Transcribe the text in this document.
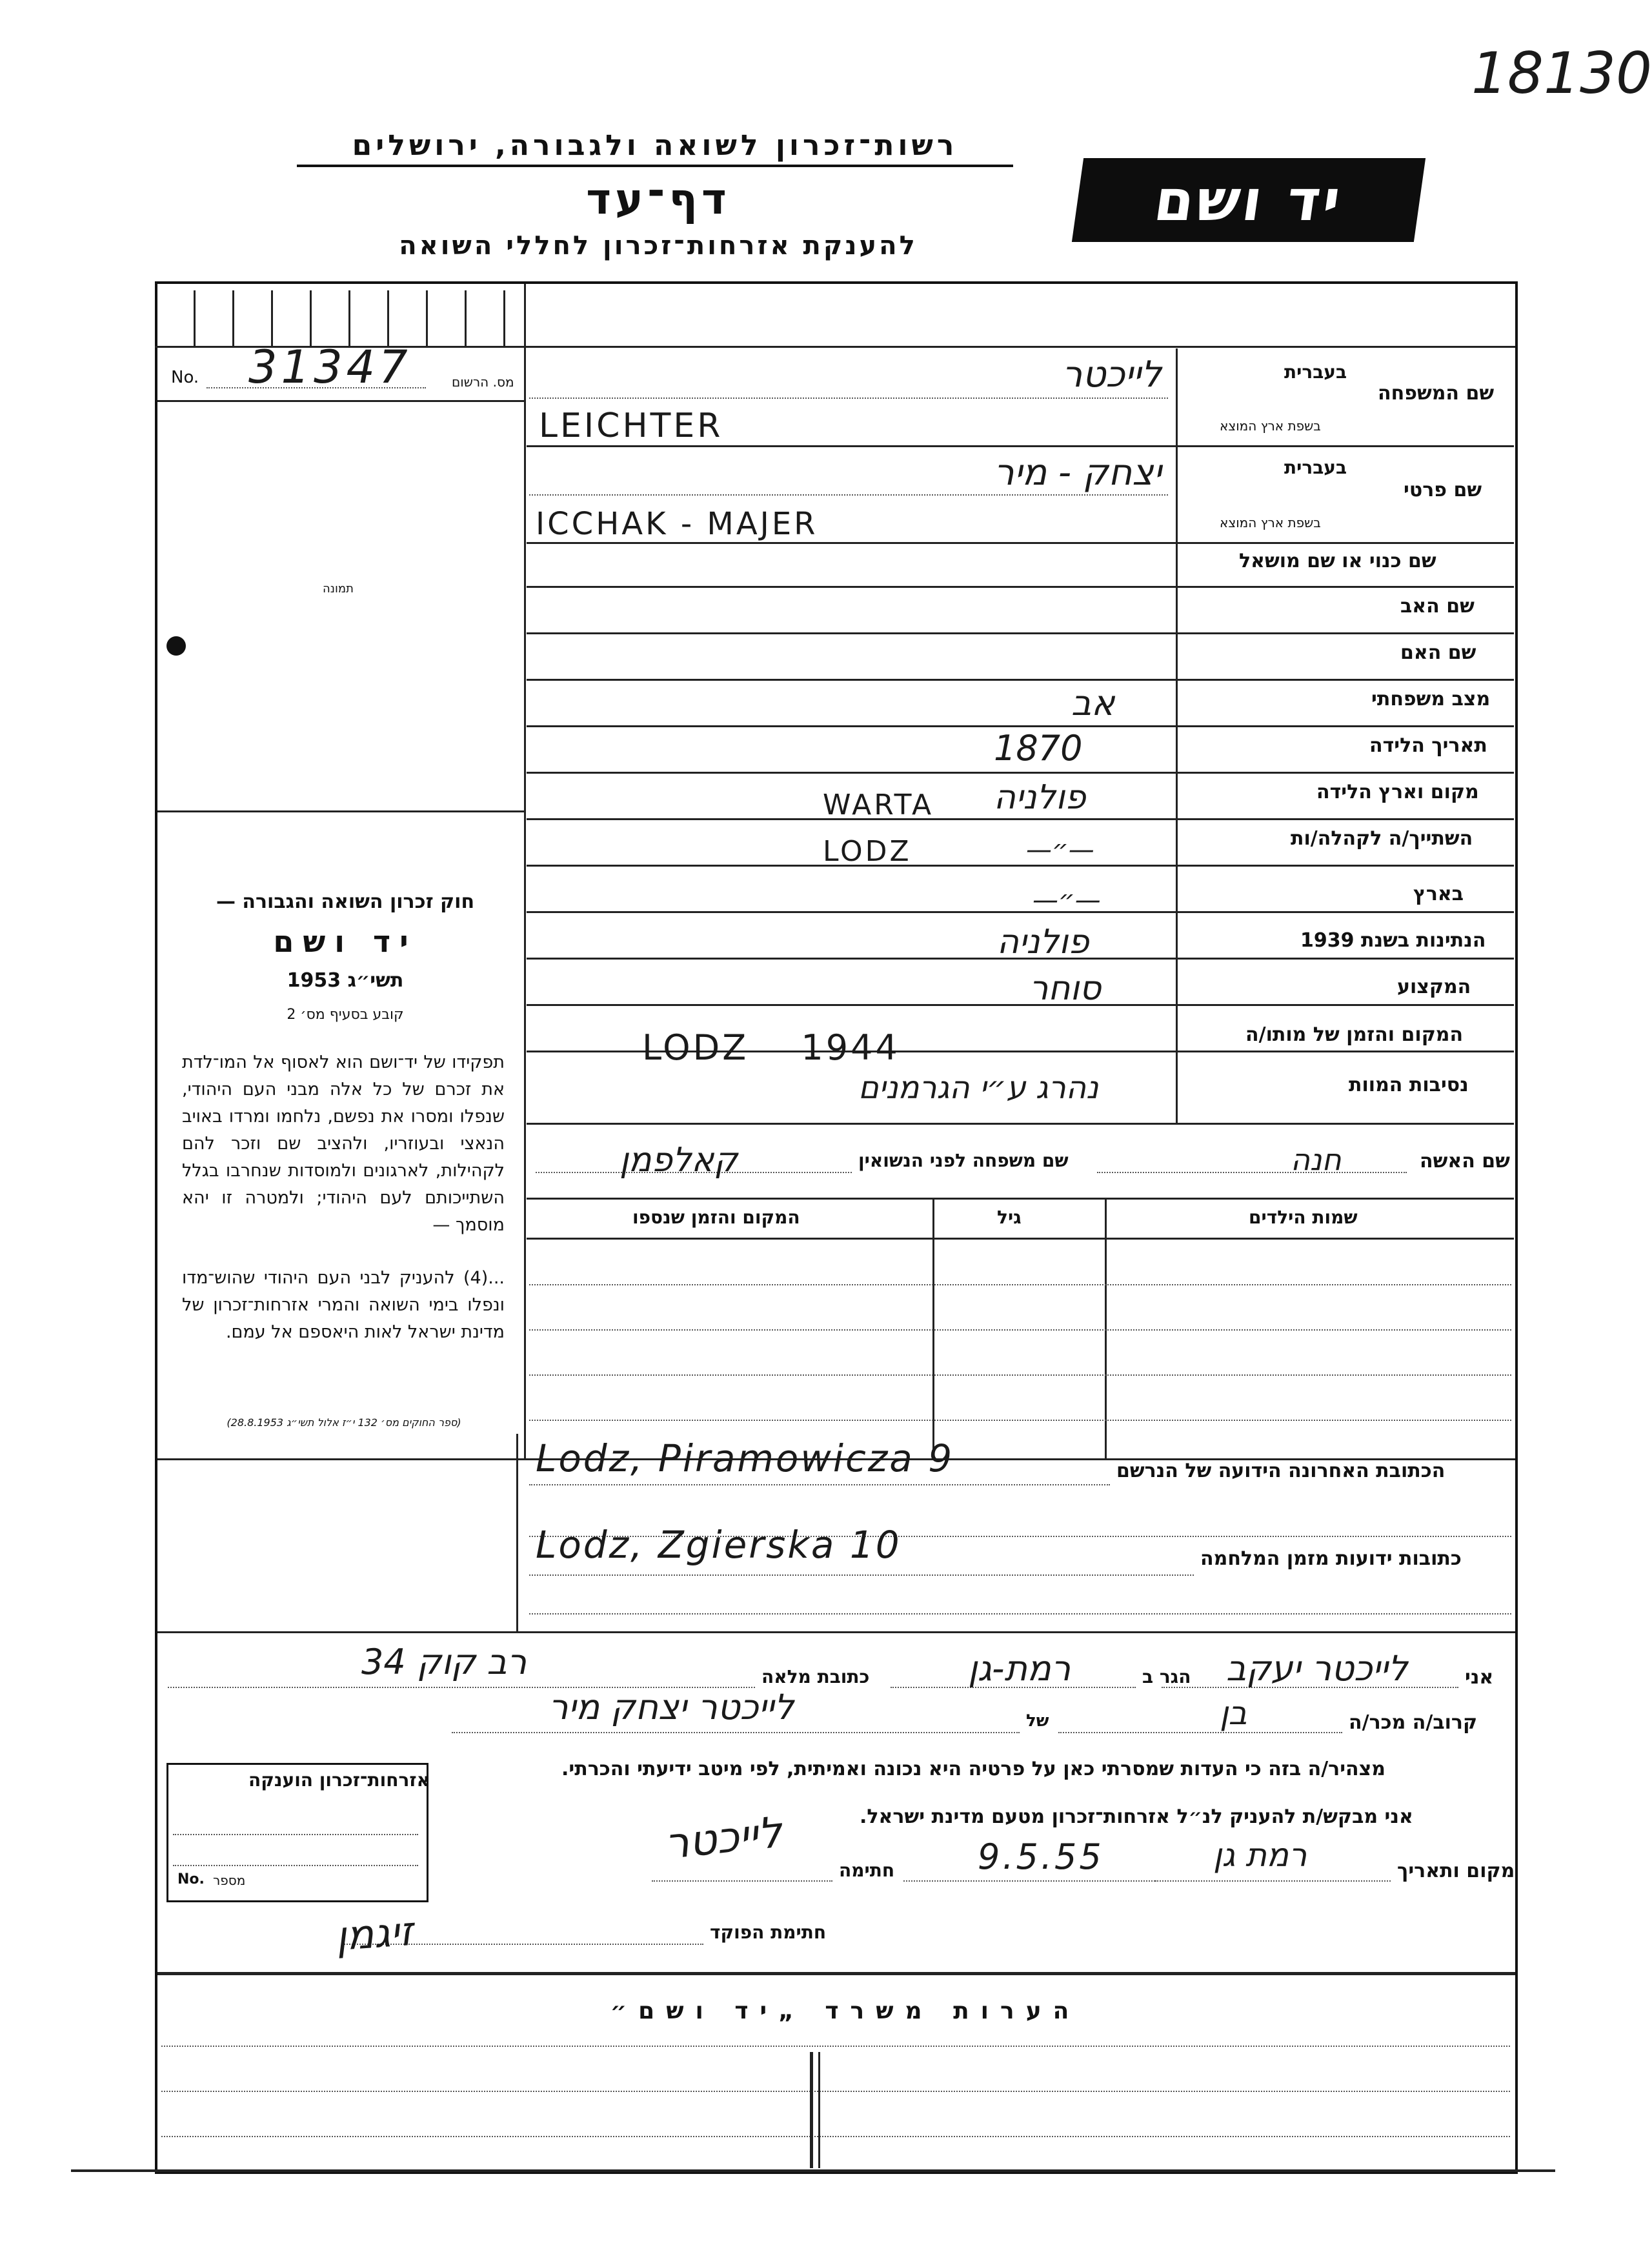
18130
רשות־זכרון לשואה ולגבורה, ירושלים
דף־עד
להענקת אזרחות־זכרון לחללי השואה
יד ושם
No. 31347	מס. הרשום
תמונה
חוק זכרון השואה והגבורה —
יד ושם
תשי״ג 1953
קובע בסעיף מס׳ 2
תפקידו של יד־ושם הוא לאסוף אל המו־לדת את זכרם של כל אלה מבני העם היהודי, שנפלו ומסרו את נפשם, נלחמו ומרדו באויב הנאצי ובעוזריו, ולהציב שם וזכר להם לקהילות, לארגונים ולמוסדות שנחרבו בגלל השתייכותם לעם היהודי; ולמטרה זו יהא מוסמך —
...(4) להעניק לבני העם היהודי שהוש־מדו ונפלו בימי השואה והמרי אזרחות־זכרון של מדינת ישראל לאות היאספם אל עמם.
(ספר החוקים מס׳ 132 י״ז אלול תשי״ג 28.8.1953)
שם המשפחה
בעברית
בשפת ארץ המוצא
לייכטר
LEICHTER
שם פרטי
בעברית
בשפת ארץ המוצא
יצחק - מיר
ICCHAK - MAJER
שם כנוי או שם מושאל
שם האב
שם האם
מצב משפחתי
אב
תאריך הלידה
1870
מקום וארץ הלידה
WARTA פולניה
השתייך/ה לקהלה/ות
LODZ	—״—
בארץ
—״—
הנתינות בשנת 1939
פולניה
המקצוע
סוחר
המקום והזמן של מותו/ה
LODZ 1944
נסיבות המוות
נהרג ע״י הגרמנים
שם האשה
חנה
שם משפחה לפני הנשואין
קאלפמן
שמות הילדים
גיל
המקום והזמן שנספו
הכתובת האחרונה הידועה של הנרשם
Lodz, Piramowicza 9
כתובות ידועות מזמן המלחמה
Lodz, Zgierska 10
אני
לייכטר יעקב
הגר ב
רמת-גן
כתובת מלאה
רב קוק 34
קרוב/ה מכר/ה
בן
של
לייכטר יצחק מיר
מצהיר/ה בזה כי העדות שמסרתי כאן על פרטיה היא נכונה ואמיתית, לפי מיטב ידיעתי והכרתי.
אני מבקש/ת להעניק לנ״ל אזרחות־זכרון מטעם מדינת ישראל.
מקום ותאריך
רמת גן
9.5.55
חתימה
לייכטר
חתימת הפוקד
זיגמן
אזרחות־זכרון הוענקה
No. מספר
הערות משרד „יד ושם״
